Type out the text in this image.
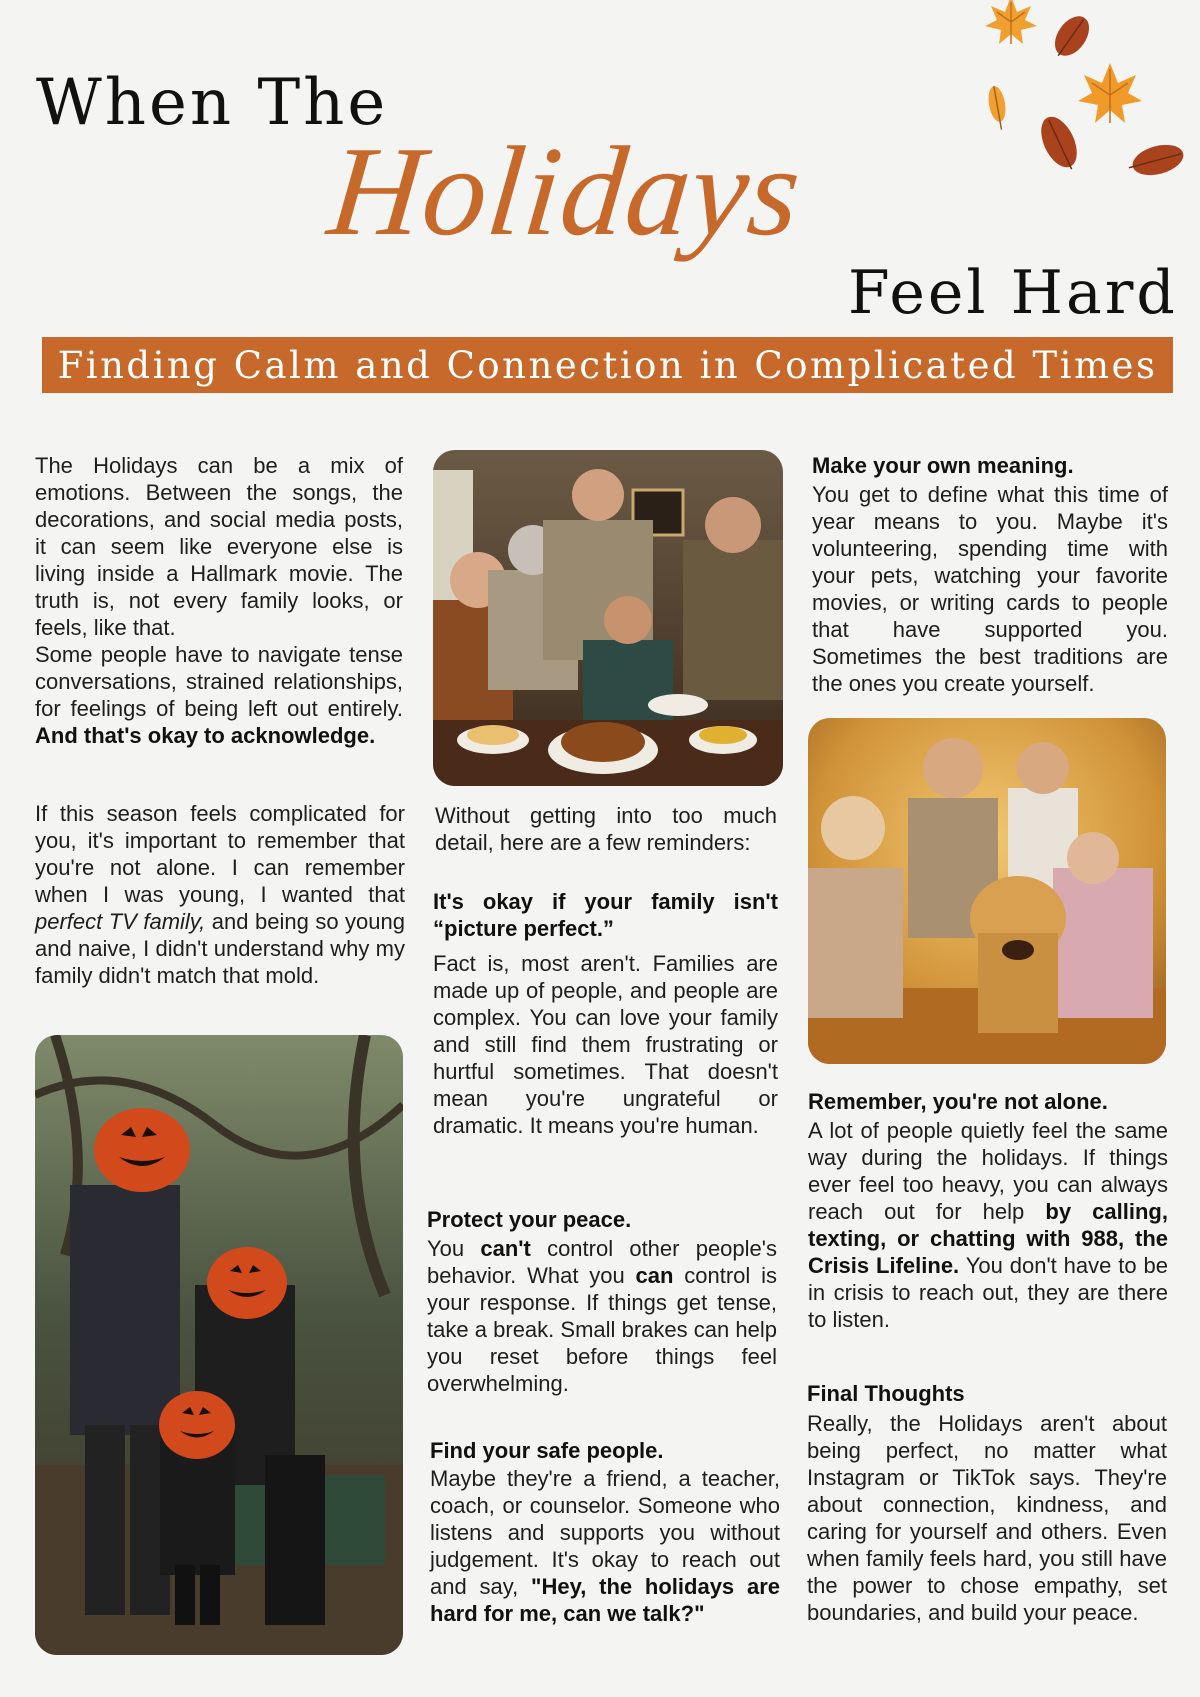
When The
Holidays
Feel Hard
Finding Calm and Connection in Complicated Times
The Holidays can be a mix of emotions. Between the songs, the decorations, and social media posts, it can seem like everyone else is living inside a Hallmark movie. The truth is, not every family looks, or feels, like that.
Some people have to navigate tense conversations, strained relationships, for feelings of being left out entirely. And that's okay to acknowledge.
If this season feels complicated for you, it's important to remember that you're not alone. I can remember when I was young, I wanted that perfect TV family, and being so young and naive, I didn't understand why my family didn't match that mold.
Without getting into too much detail, here are a few reminders:
It's okay if your family isn't “picture perfect.”
Fact is, most aren't. Families are made up of people, and people are complex. You can love your family and still find them frustrating or hurtful sometimes. That doesn't mean you're ungrateful or dramatic. It means you're human.
Protect your peace.
You can't control other people's behavior. What you can control is your response. If things get tense, take a break. Small brakes can help you reset before things feel overwhelming.
Find your safe people.
Maybe they're a friend, a teacher, coach, or counselor. Someone who listens and supports you without judgement. It's okay to reach out and say, "Hey, the holidays are hard for me, can we talk?"
Make your own meaning.
You get to define what this time of year means to you. Maybe it's volunteering, spending time with your pets, watching your favorite movies, or writing cards to people that have supported you. Sometimes the best traditions are the ones you create yourself.
Remember, you're not alone.
A lot of people quietly feel the same way during the holidays. If things ever feel too heavy, you can always reach out for help by calling, texting, or chatting with 988, the Crisis Lifeline. You don't have to be in crisis to reach out, they are there to listen.
Final Thoughts
Really, the Holidays aren't about being perfect, no matter what Instagram or TikTok says. They're about connection, kindness, and caring for yourself and others. Even when family feels hard, you still have the power to chose empathy, set boundaries, and build your peace.
